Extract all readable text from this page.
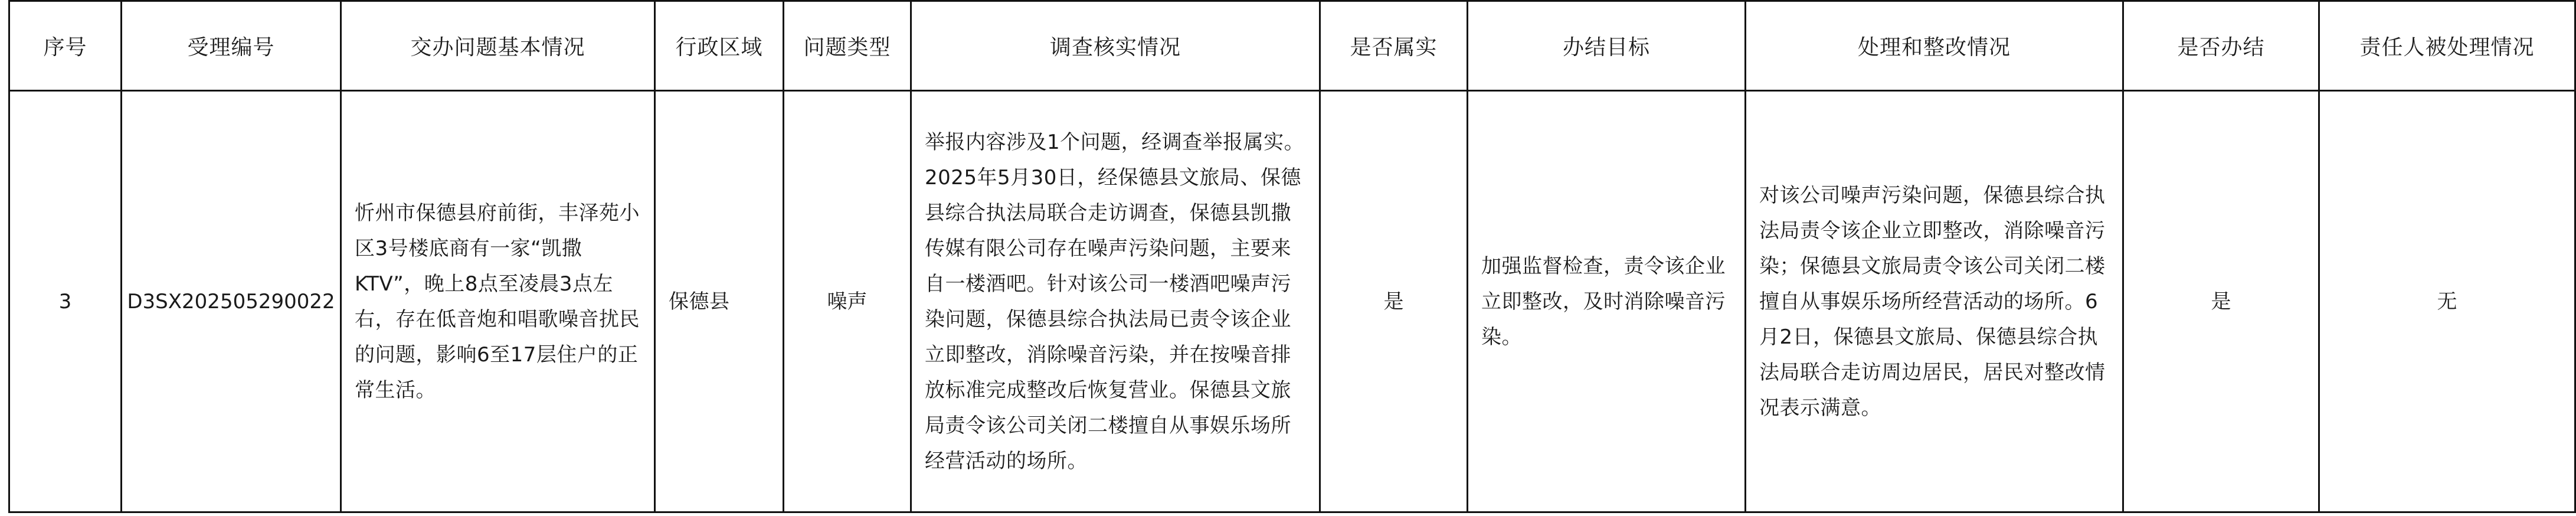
序号	受理编号	交办问题基本情况	行政区域	问题类型	调查核实情况	是否属实	办结目标	处理和整改情况	是否办结	责任人被处理情况
3	D3SX202505290022	忻州市保德县府前街，丰泽苑小区3号楼底商有一家“凯撒KTV”，晚上8点至凌晨3点左右，存在低音炮和唱歌噪音扰民的问题，影响6至17层住户的正常生活。	保德县	噪声	举报内容涉及1个问题，经调查举报属实。2025年5月30日，经保德县文旅局、保德县综合执法局联合走访调查，保德县凯撒传媒有限公司存在噪声污染问题，主要来自一楼酒吧。针对该公司一楼酒吧噪声污染问题，保德县综合执法局已责令该企业立即整改，消除噪音污染，并在按噪音排放标准完成整改后恢复营业。保德县文旅局责令该公司关闭二楼擅自从事娱乐场所经营活动的场所。	是	加强监督检查，责令该企业立即整改，及时消除噪音污染。	对该公司噪声污染问题，保德县综合执法局责令该企业立即整改，消除噪音污染；保德县文旅局责令该公司关闭二楼擅自从事娱乐场所经营活动的场所。6月2日，保德县文旅局、保德县综合执法局联合走访周边居民，居民对整改情况表示满意。	是	无
